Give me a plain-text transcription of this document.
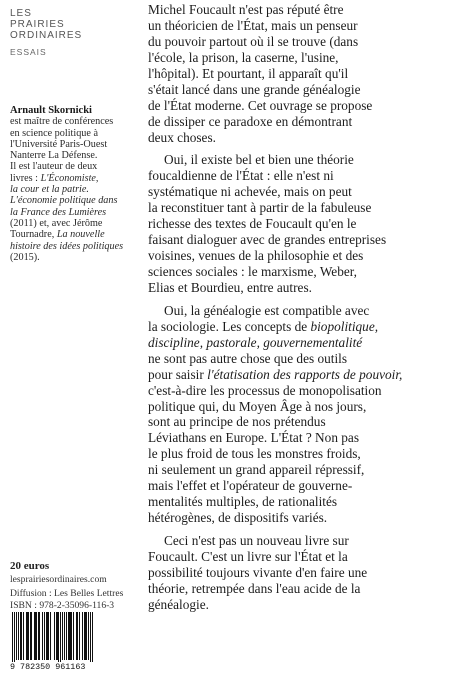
LES
PRAIRIES
ORDINAIRES
ESSAIS
Arnault Skornicki
est maître de conférences
en science politique à
l'Université Paris-Ouest
Nanterre La Défense.
Il est l'auteur de deux
livres : L'Économiste,
la cour et la patrie.
L'économie politique dans
la France des Lumières
(2011) et, avec Jérôme
Tournadre, La nouvelle
histoire des idées politiques
(2015).
20 euros
lesprairiesordinaires.com
Diffusion : Les Belles Lettres
ISBN : 978-2-35096-116-3
9 782350 961163
Michel Foucault n'est pas réputé être
un théoricien de l'État, mais un penseur
du pouvoir partout où il se trouve (dans
l'école, la prison, la caserne, l'usine,
l'hôpital). Et pourtant, il apparaît qu'il
s'était lancé dans une grande généalogie
de l'État moderne. Cet ouvrage se propose
de dissiper ce paradoxe en démontrant
deux choses.
Oui, il existe bel et bien une théorie
foucaldienne de l'État : elle n'est ni
systématique ni achevée, mais on peut
la reconstituer tant à partir de la fabuleuse
richesse des textes de Foucault qu'en le
faisant dialoguer avec de grandes entreprises
voisines, venues de la philosophie et des
sciences sociales : le marxisme, Weber,
Elias et Bourdieu, entre autres.
Oui, la généalogie est compatible avec
la sociologie. Les concepts de biopolitique,
discipline, pastorale, gouvernementalité
ne sont pas autre chose que des outils
pour saisir l'étatisation des rapports de pouvoir,
c'est-à-dire les processus de monopolisation
politique qui, du Moyen Âge à nos jours,
sont au principe de nos prétendus
Léviathans en Europe. L'État ? Non pas
le plus froid de tous les monstres froids,
ni seulement un grand appareil répressif,
mais l'effet et l'opérateur de gouverne-
mentalités multiples, de rationalités
hétérogènes, de dispositifs variés.
Ceci n'est pas un nouveau livre sur
Foucault. C'est un livre sur l'État et la
possibilité toujours vivante d'en faire une
théorie, retrempée dans l'eau acide de la
généalogie.
